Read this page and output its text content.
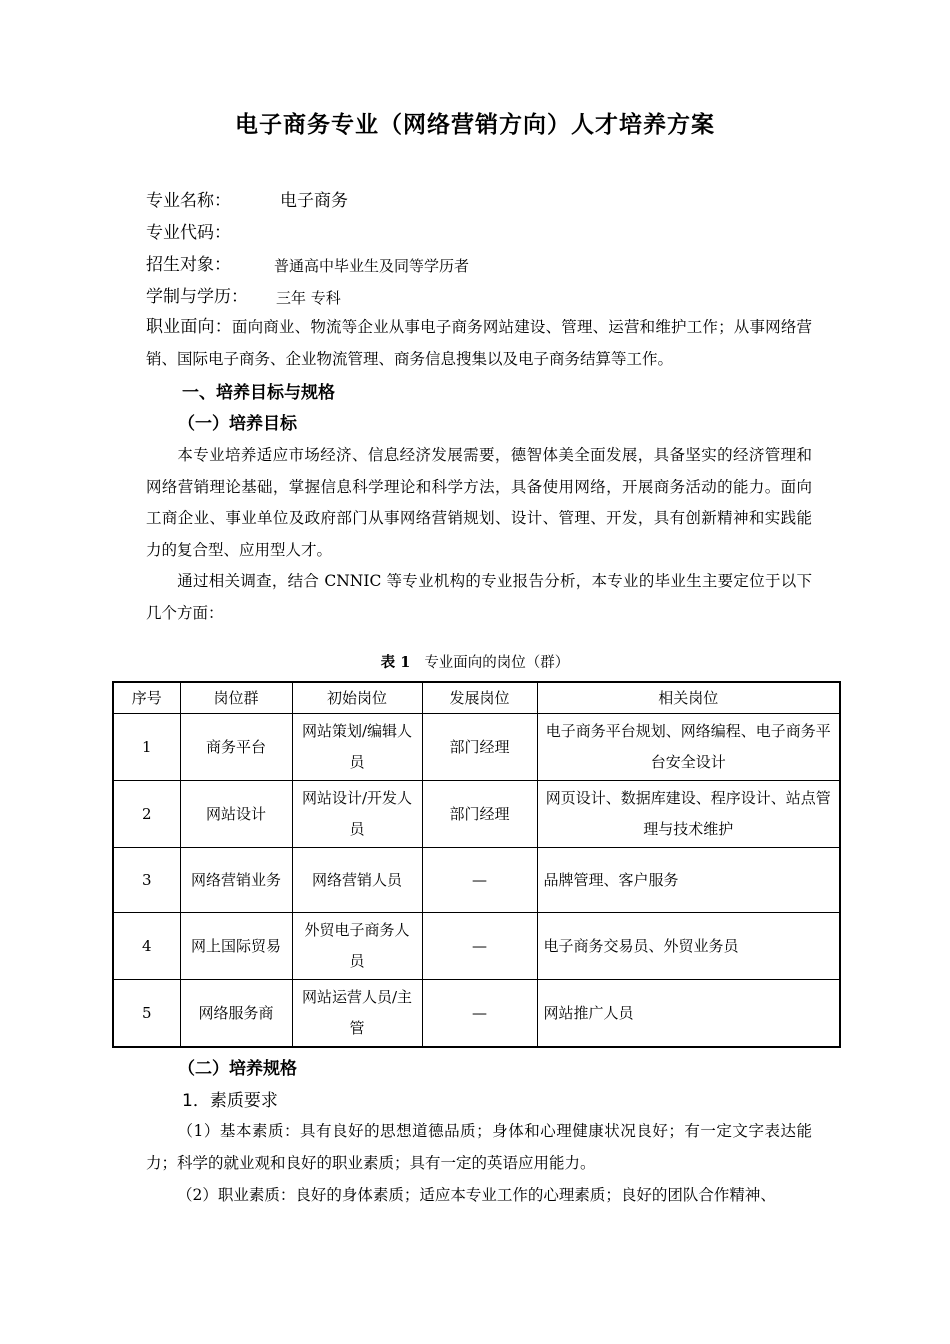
电子商务专业（网络营销方向）人才培养方案
专业名称：	电子商务
专业代码：
招生对象：	普通高中毕业生及同等学历者
学制与学历： 三年 专科
职业面向：面向商业、物流等企业从事电子商务网站建设、管理、运营和维护工作；从事网络营销、国际电子商务、企业物流管理、商务信息搜集以及电子商务结算等工作。
一、培养目标与规格
（一）培养目标
本专业培养适应市场经济、信息经济发展需要，德智体美全面发展，具备坚实的经济管理和网络营销理论基础，掌握信息科学理论和科学方法，具备使用网络，开展商务活动的能力。面向工商企业、事业单位及政府部门从事网络营销规划、设计、管理、开发，具有创新精神和实践能力的复合型、应用型人才。
通过相关调查，结合 CNNIC 等专业机构的专业报告分析，本专业的毕业生主要定位于以下几个方面：
表 1 专业面向的岗位（群）
序号	岗位群	初始岗位	发展岗位	相关岗位
1	商务平台	网站策划/编辑人员	部门经理	电子商务平台规划、网络编程、电子商务平台安全设计
2	网站设计	网站设计/开发人员	部门经理	网页设计、数据库建设、程序设计、站点管理与技术维护
3	网络营销业务	网络营销人员	—	品牌管理、客户服务
4	网上国际贸易	外贸电子商务人员	—	电子商务交易员、外贸业务员
5	网络服务商	网站运营人员/主管	—	网站推广人员
（二）培养规格
1．素质要求
（1）基本素质：具有良好的思想道德品质；身体和心理健康状况良好；有一定文字表达能力；科学的就业观和良好的职业素质；具有一定的英语应用能力。
（2）职业素质：良好的身体素质；适应本专业工作的心理素质；良好的团队合作精神、
